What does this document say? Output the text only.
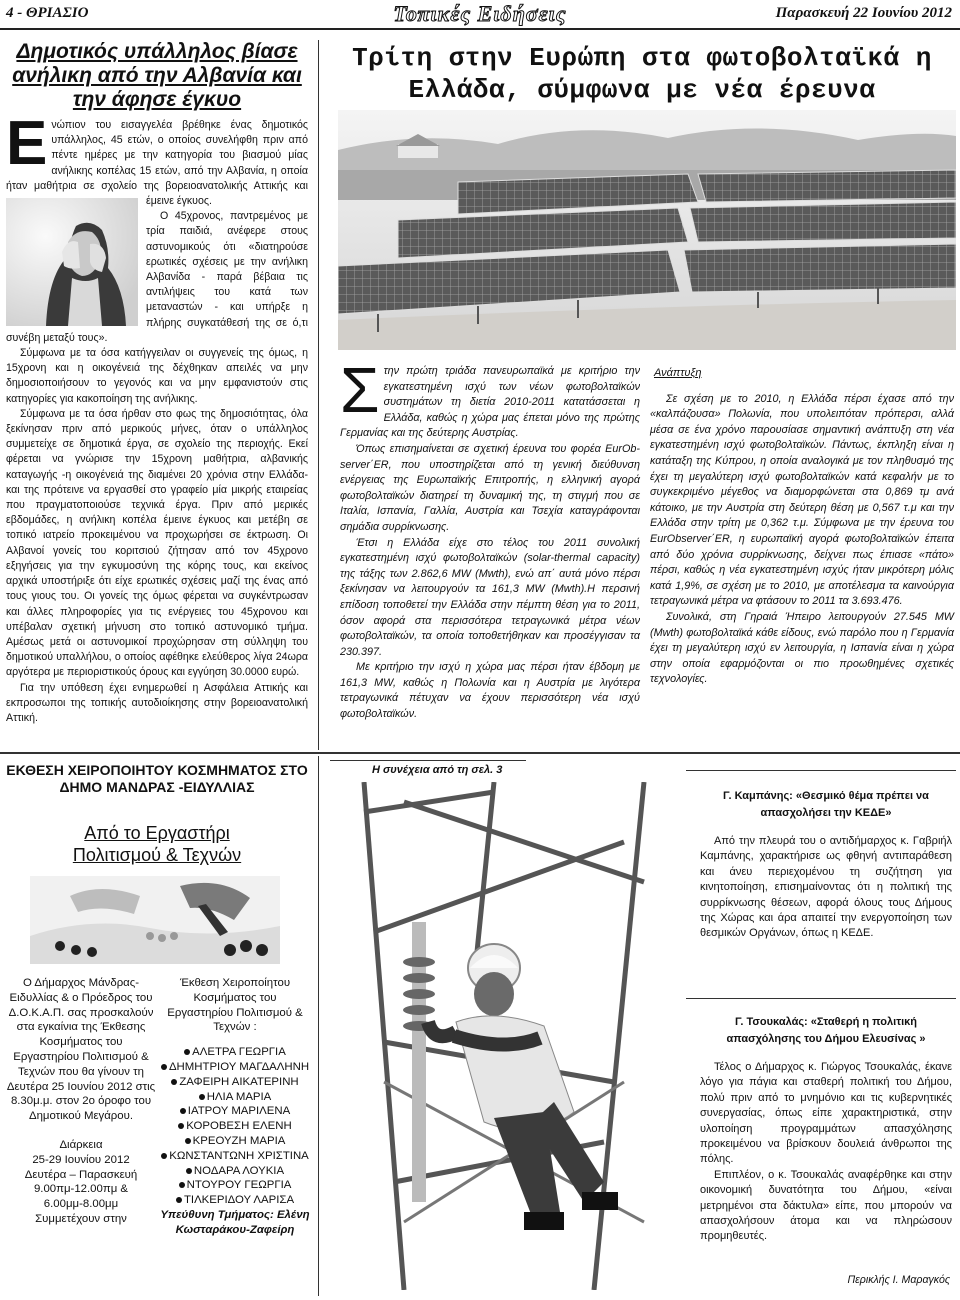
4 - ΘΡΙΑΣΙΟ	Τοπικές Ειδήσεις	Παρασκευή 22 Ιουνίου 2012
Δημοτικός υπάλληλος βίασε ανήλικη από την Αλβανία και την άφησε έγκυο
Ε νώπιον του εισαγγελέα βρέθηκε ένας δημοτικός υπάλληλος, 45 ετών, ο οποίος συνελήφθη πριν από πέντε ημέρες με την κατηγορία του βιασμού μίας ανήλικης κοπέλας 15 ετών, από την Αλβανία, η οποία ήταν μαθήτρια σε σχολείο της βορειοανατολικής Αττικής και έμεινε έγκυος.
Ο 45χρονος, παντρεμένος με τρία παιδιά, ανέφερε στους αστυνομικούς ότι «διατηρούσε ερωτικές σχέσεις με την ανήλικη Αλβανίδα - παρά βέβαια τις αντιλήψεις του κατά των μεταναστών - και υπήρξε η πλήρης συγκατάθεσή της σε ό,τι συνέβη μεταξύ τους».
Σύμφωνα με τα όσα κατήγγειλαν οι συγγενείς της όμως, η 15χρονη και η οικογένειά της δέχθηκαν απειλές να μην δημοσιοποιήσουν το γεγονός και να μην εμφανιστούν στις κατηγορίες για κακοποίηση της ανήλικης.
Σύμφωνα με τα όσα ήρθαν στο φως της δημοσιότητας, όλα ξεκίνησαν πριν από μερικούς μήνες, όταν ο υπάλληλος συμμετείχε σε δημοτικά έργα, σε σχολείο της περιοχής. Εκεί φέρεται να γνώρισε την 15χρονη μαθήτρια, αλβανικής καταγωγής -η οικογένειά της διαμένει 20 χρόνια στην Ελλάδα- και της πρότεινε να εργασθεί στο γραφείο μία μικρής εταιρείας που πραγματοποιούσε τεχνικά έργα. Πριν από μερικές εβδομάδες, η ανήλικη κοπέλα έμεινε έγκυος και μετέβη σε τοπικό ιατρείο προκειμένου να προχωρήσει σε έκτρωση. Οι Αλβανοί γονείς του κοριτσιού ζήτησαν από τον 45χρονο εξηγήσεις για την εγκυμοσύνη της κόρης τους, και εκείνος αρχικά υποστήριξε ότι είχε ερωτικές σχέσεις μαζί της ένας από τους γιους του. Οι γονείς της όμως φέρεται να συγκέντρωσαν και άλλες πληροφορίες για τις ενέργειες του 45χρονου και υπέβαλαν σχετική μήνυση στο τοπικό αστυνομικό τμήμα. Αμέσως μετά οι αστυνομικοί προχώρησαν στη σύλληψη του δημοτικού υπαλλήλου, ο οποίος αφέθηκε ελεύθερος λίγα 24ωρα αργότερα με περιοριστικούς όρους και εγγύηση 30.0000 ευρώ.
Για την υπόθεση έχει ενημερωθεί η Ασφάλεια Αττικής και εκπροσωποι της τοπικής αυτοδιοίκησης στην βορειοανατολική Αττική.
Τρίτη στην Ευρώπη στα φωτοβολταϊκά η Ελλάδα, σύμφωνα με νέα έρευνα
Σ την πρώτη τριάδα πανευρωπαϊκά με κριτήριο την εγκατεστημένη ισχύ των νέων φωτοβολταϊκών συστημάτων τη διετία 2010-2011 κατατάσσεται η Ελλάδα, καθώς η χώρα μας έπεται μόνο της πρώτης Γερμανίας και της δεύτερης Αυστρίας.
Όπως επισημαίνεται σε σχετική έρευνα του φορέα EurOb-server΄ER, που υποστηρίζεται από τη γενική διεύθυνση ενέργειας της Ευρωπαϊκής Επιτροπής, η ελληνική αγορά φωτοβολταϊκών διατηρεί τη δυναμική της, τη στιγμή που σε Ιταλία, Ισπανία, Γαλλία, Αυστρία και Τσεχία καταγράφονται σημάδια συρρίκνωσης.
Έτσι η Ελλάδα είχε στο τέλος του 2011 συνολική εγκατεστημένη ισχύ φωτοβολταϊκών (solar-thermal capacity) της τάξης των 2.862,6 MW (Mwth), ενώ απ΄ αυτά μόνο πέρσι ξεκίνησαν να λειτουργούν τα 161,3 MW (Mwth).Η περσινή επίδοση τοποθετεί την Ελλάδα στην πέμπτη θέση για το 2011, όσον αφορά στα περισσότερα τετραγωνικά μέτρα νέων φωτοβολταϊκών, τα οποία τοποθετήθηκαν και προσέγγισαν τα 230.397.
Με κριτήριο την ισχύ η χώρα μας πέρσι ήταν έβδομη με 161,3 MW, καθώς η Πολωνία και η Αυστρία με λιγότερα τετραγωνικά πέτυχαν να έχουν περισσότερη νέα ισχύ φωτοβολταϊκών.
Ανάπτυξη
Σε σχέση με το 2010, η Ελλάδα πέρσι έχασε από την «καλπάζουσα» Πολωνία, που υπολειπόταν πρόπερσι, αλλά μέσα σε ένα χρόνο παρουσίασε σημαντική ανάπτυξη στη νέα εγκατεστημένη ισχύ φωτοβολταϊκών. Πάντως, έκπληξη είναι η κατάταξη της Κύπρου, η οποία αναλογικά με τον πληθυσμό της έχει τη μεγαλύτερη ισχύ φωτοβολταϊκών κατά κεφαλήν με το συγκεκριμένο μέγεθος να διαμορφώνεται στα 0,869 τμ ανά κάτοικο, με την Αυστρία στη δεύτερη θέση με 0,567 τ.μ και την Ελλάδα στην τρίτη με 0,362 τ.μ. Σύμφωνα με την έρευνα του EurObserver΄ER, η ευρωπαϊκή αγορά φωτοβολταϊκών έπειτα από δύο χρόνια συρρίκνωσης, δείχνει πως έπιασε «πάτο» πέρσι, καθώς η νέα εγκατεστημένη ισχύς ήταν μικρότερη μόλις κατά 1,9%, σε σχέση με το 2010, με αποτέλεσμα τα καινούργια τετραγωνικά μέτρα να φτάσουν το 2011 τα 3.693.476.
Συνολικά, στη Γηραιά Ήπειρο λειτουργούν 27.545 MW (Mwth) φωτοβολταϊκά κάθε είδους, ενώ παρόλο που η Γερμανία έχει τη μεγαλύτερη ισχύ εν λειτουργία, η Ισπανία είναι η χώρα στην οποία εφαρμόζονται οι πιο προωθημένες σχετικές τεχνολογίες.
ΕΚΘΕΣΗ ΧΕΙΡΟΠΟΙΗΤΟΥ ΚΟΣΜΗΜΑΤΟΣ ΣΤΟ ΔΗΜΟ ΜΑΝΔΡΑΣ -ΕΙΔΥΛΛΙΑΣ
Από το Εργαστήρι
Πολιτισμού & Τεχνών
Ο Δήμαρχος Μάνδρας-Ειδυλλίας & ο Πρόεδρος του Δ.Ο.Κ.Α.Π. σας προσκαλούν στα εγκαίνια της Έκθεσης Κοσμήματος του Εργαστηρίου Πολιτισμού & Τεχνών που θα γίνουν τη Δευτέρα 25 Ιουνίου 2012 στις 8.30μ.μ. στον 2ο όροφο του Δημοτικού Μεγάρου.
Διάρκεια
25-29 Ιουνίου 2012
Δευτέρα – Παρασκευή
9.00πμ-12.00πμ &
6.00μμ-8.00μμ
Συμμετέχουν στην
Έκθεση Χειροποίητου Κοσμήματος του Εργαστηρίου Πολιτισμού & Τεχνών :
ΑΛΕΤΡΑ ΓΕΩΡΓΙΑ
ΔΗΜΗΤΡΙΟΥ ΜΑΓΔΑΛΗΝΗ
ΖΑΦΕΙΡΗ ΑΙΚΑΤΕΡΙΝΗ
ΗΛΙΑ ΜΑΡΙΑ
ΙΑΤΡΟΥ ΜΑΡΙΛΕΝΑ
ΚΟΡΟΒΕΣΗ ΕΛΕΝΗ
ΚΡΕΟΥΖΗ ΜΑΡΙΑ
ΚΩΝΣΤΑΝΤΩΝΗ ΧΡΙΣΤΙΝΑ
ΝΟΔΑΡΑ ΛΟΥΚΙΑ
ΝΤΟΥΡΟΥ ΓΕΩΡΓΙΑ
ΤΙΛΚΕΡΙΔΟΥ ΛΑΡΙΣΑ
Υπεύθυνη Τμήματος: Ελένη Κωσταράκου-Ζαφείρη
Η συνέχεια από τη σελ. 3
Γ. Καμπάνης: «Θεσμικό θέμα πρέπει να απασχολήσει την ΚΕΔΕ»
Από την πλευρά του ο αντιδήμαρχος κ. Γαβριήλ Καμπάνης, χαρακτήρισε ως φθηνή αντιπαράθεση και άνευ περιεχομένου τη συζήτηση για κινητοποίηση, επισημαίνοντας ότι η πολιτική της συρρίκνωσης θέσεων, αφορά όλους τους Δήμους της Χώρας και άρα απαιτεί την ενεργοποίηση των θεσμικών Οργάνων, όπως η ΚΕΔΕ.
Γ. Τσουκαλάς: «Σταθερή η πολιτική απασχόλησης του Δήμου Ελευσίνας »
Τέλος ο Δήμαρχος κ. Γιώργος Τσουκαλάς, έκανε λόγο για πάγια και σταθερή πολιτική του Δήμου, πολύ πριν από το μνημόνιο και τις κυβερνητικές συνεργασίας, όπως είπε χαρακτηριστικά, στην υλοποίηση προγραμμάτων απασχόλησης προκειμένου να βρίσκουν δουλειά άνθρωποι της πόλης.
Επιπλέον, ο κ. Τσουκαλάς αναφέρθηκε και στην οικονομική δυνατότητα του Δήμου, «είναι μετρημένοι στα δάκτυλα» είπε, που μπορούν να απασχολήσουν άτομα και να πληρώσουν προμηθευτές.
Περικλής Ι. Μαραγκός
